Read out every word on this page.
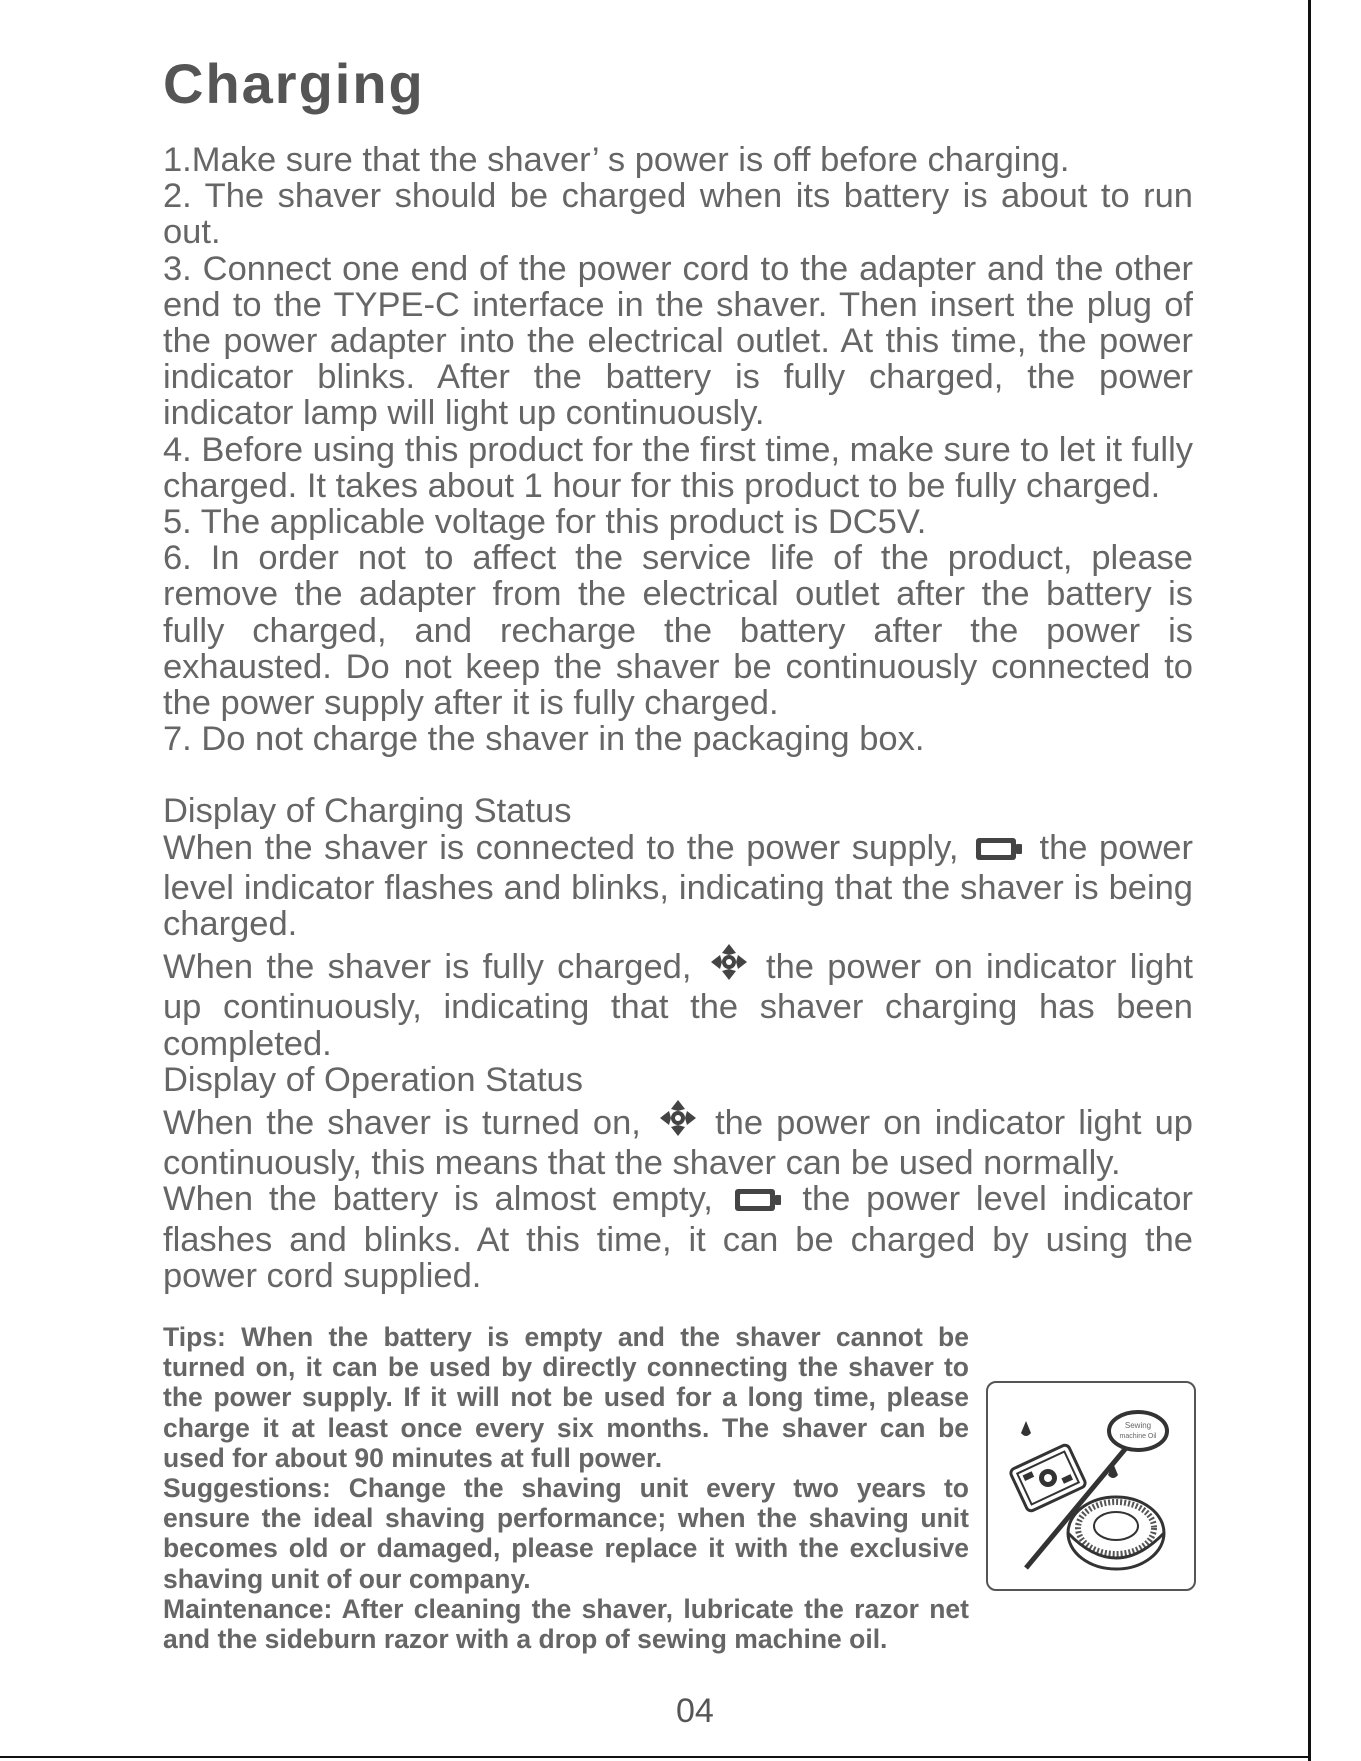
Charging

1.Make sure that the shaver’ s power is off before charging.

2. The shaver should be charged when its battery is about to run out.

3. Connect one end of the power cord to the adapter and the other end to the TYPE-C interface in the shaver. Then insert the plug of the power adapter into the electrical outlet. At this time, the power indicator blinks. After the battery is fully charged, the power indicator lamp will light up continuously.

4. Before using this product for the first time, make sure to let it fully charged. It takes about 1 hour for this product to be fully charged.

5. The applicable voltage for this product is DC5V.

6. In order not to affect the service life of the product, please remove the adapter from the electrical outlet after the battery is fully charged, and recharge the battery after the power is exhausted. Do not keep the shaver be continuously connected to the power supply after it is fully charged.

7. Do not charge the shaver in the packaging box.

Display of Charging Status

When the shaver is connected to the power supply, the power level indicator flashes and blinks, indicating that the shaver is being charged.

When the shaver is fully charged, the power on indicator light up continuously, indicating that the shaver charging has been completed.

Display of Operation Status

When the shaver is turned on, the power on indicator light up continuously, this means that the shaver can be used normally.

When the battery is almost empty,	the power level indicator flashes and blinks. At this time, it can be charged by using the power cord supplied.

Tips: When the battery is empty and the shaver cannot be turned on, it can be used by directly connecting the shaver to the power supply. If it will not be used for a long time, please charge it at least once every six months. The shaver can be used for about 90 minutes at full power.

Suggestions: Change the shaving unit every two years to ensure the ideal shaving performance; when the shaving unit becomes old or damaged, please replace it with the exclusive shaving unit of our company.

Maintenance: After cleaning the shaver, lubricate the razor net and the sideburn razor with a drop of sewing machine oil.

Sewing
machine Oil
04
